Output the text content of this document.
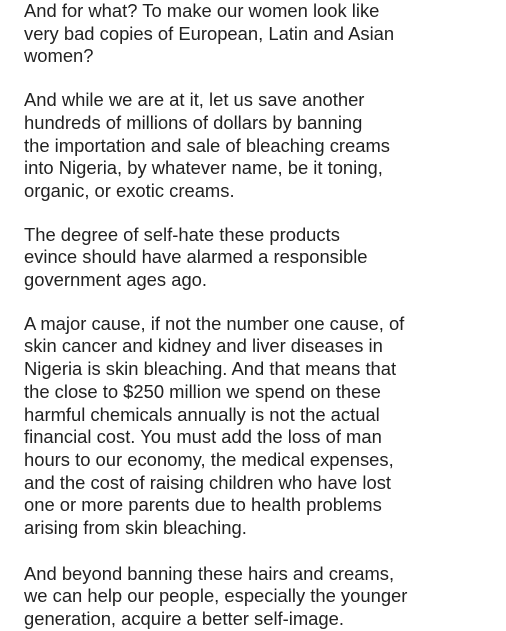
And for what? To make our women look like
very bad copies of European, Latin and Asian
women?

And while we are at it, let us save another
hundreds of millions of dollars by banning
the importation and sale of bleaching creams
into Nigeria, by whatever name, be it toning,
organic, or exotic creams.

The degree of self-hate these products
evince should have alarmed a responsible
government ages ago.

A major cause, if not the number one cause, of
skin cancer and kidney and liver diseases in
Nigeria is skin bleaching. And that means that
the close to $250 million we spend on these
harmful chemicals annually is not the actual
financial cost. You must add the loss of man
hours to our economy, the medical expenses,
and the cost of raising children who have lost
one or more parents due to health problems
arising from skin bleaching.

And beyond banning these hairs and creams,
we can help our people, especially the younger
generation, acquire a better self-image.
